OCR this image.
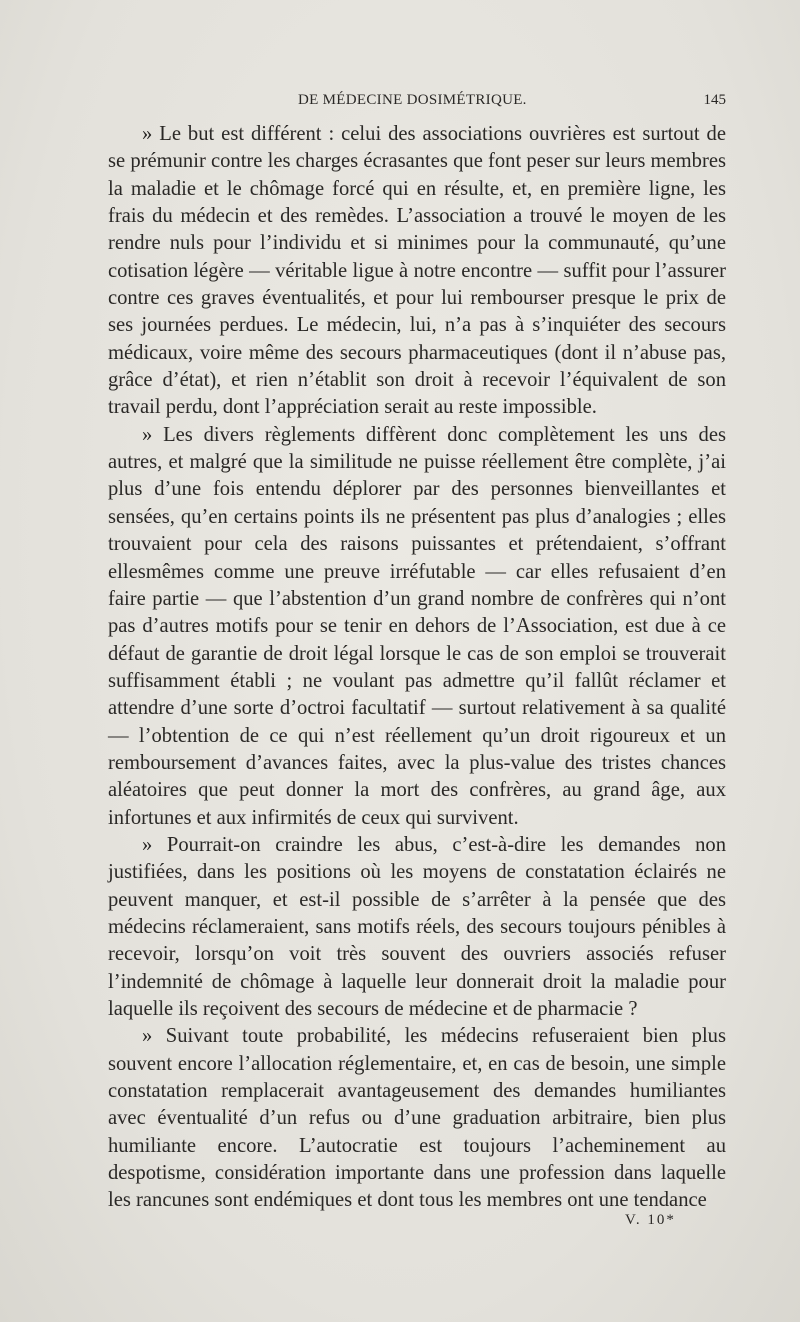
DE MÉDECINE DOSIMÉTRIQUE.	145

» Le but est différent : celui des associations ouvrières est surtout de se prémunir contre les charges écrasantes que font peser sur leurs membres la maladie et le chômage forcé qui en résulte, et, en première ligne, les frais du médecin et des remèdes. L’association a trouvé le moyen de les rendre nuls pour l’individu et si minimes pour la communauté, qu’une cotisation légère — véritable ligue à notre encontre — suffit pour l’assurer contre ces graves éventualités, et pour lui rembourser presque le prix de ses journées perdues. Le médecin, lui, n’a pas à s’inquiéter des secours médicaux, voire même des secours pharmaceutiques (dont il n’abuse pas, grâce d’état), et rien n’établit son droit à recevoir l’équivalent de son travail perdu, dont l’appréciation serait au reste impossible.

» Les divers règlements diffèrent donc complètement les uns des autres, et malgré que la similitude ne puisse réellement être complète, j’ai plus d’une fois entendu déplorer par des personnes bienveillantes et sensées, qu’en certains points ils ne présentent pas plus d’analogies ; elles trouvaient pour cela des raisons puissantes et prétendaient, s’offrant ellesmêmes comme une preuve irréfutable — car elles refusaient d’en faire partie — que l’abstention d’un grand nombre de confrères qui n’ont pas d’autres motifs pour se tenir en dehors de l’Association, est due à ce défaut de garantie de droit légal lorsque le cas de son emploi se trouverait suffisamment établi ; ne voulant pas admettre qu’il fallût réclamer et attendre d’une sorte d’octroi facultatif — surtout relativement à sa qualité — l’obtention de ce qui n’est réellement qu’un droit rigoureux et un remboursement d’avances faites, avec la plus-value des tristes chances aléatoires que peut donner la mort des confrères, au grand âge, aux infortunes et aux infirmités de ceux qui survivent.

» Pourrait-on craindre les abus, c’est-à-dire les demandes non justifiées, dans les positions où les moyens de constatation éclairés ne peuvent manquer, et est-il possible de s’arrêter à la pensée que des médecins réclameraient, sans motifs réels, des secours toujours pénibles à recevoir, lorsqu’on voit très souvent des ouvriers associés refuser l’indemnité de chômage à laquelle leur donnerait droit la maladie pour laquelle ils reçoivent des secours de médecine et de pharmacie ?

» Suivant toute probabilité, les médecins refuseraient bien plus souvent encore l’allocation réglementaire, et, en cas de besoin, une simple constatation remplacerait avantageusement des demandes humiliantes avec éventualité d’un refus ou d’une graduation arbitraire, bien plus humiliante encore. L’autocratie est toujours l’acheminement au despotisme, considération importante dans une profession dans laquelle les rancunes sont endémiques et dont tous les membres ont une tendance

V. 10*
